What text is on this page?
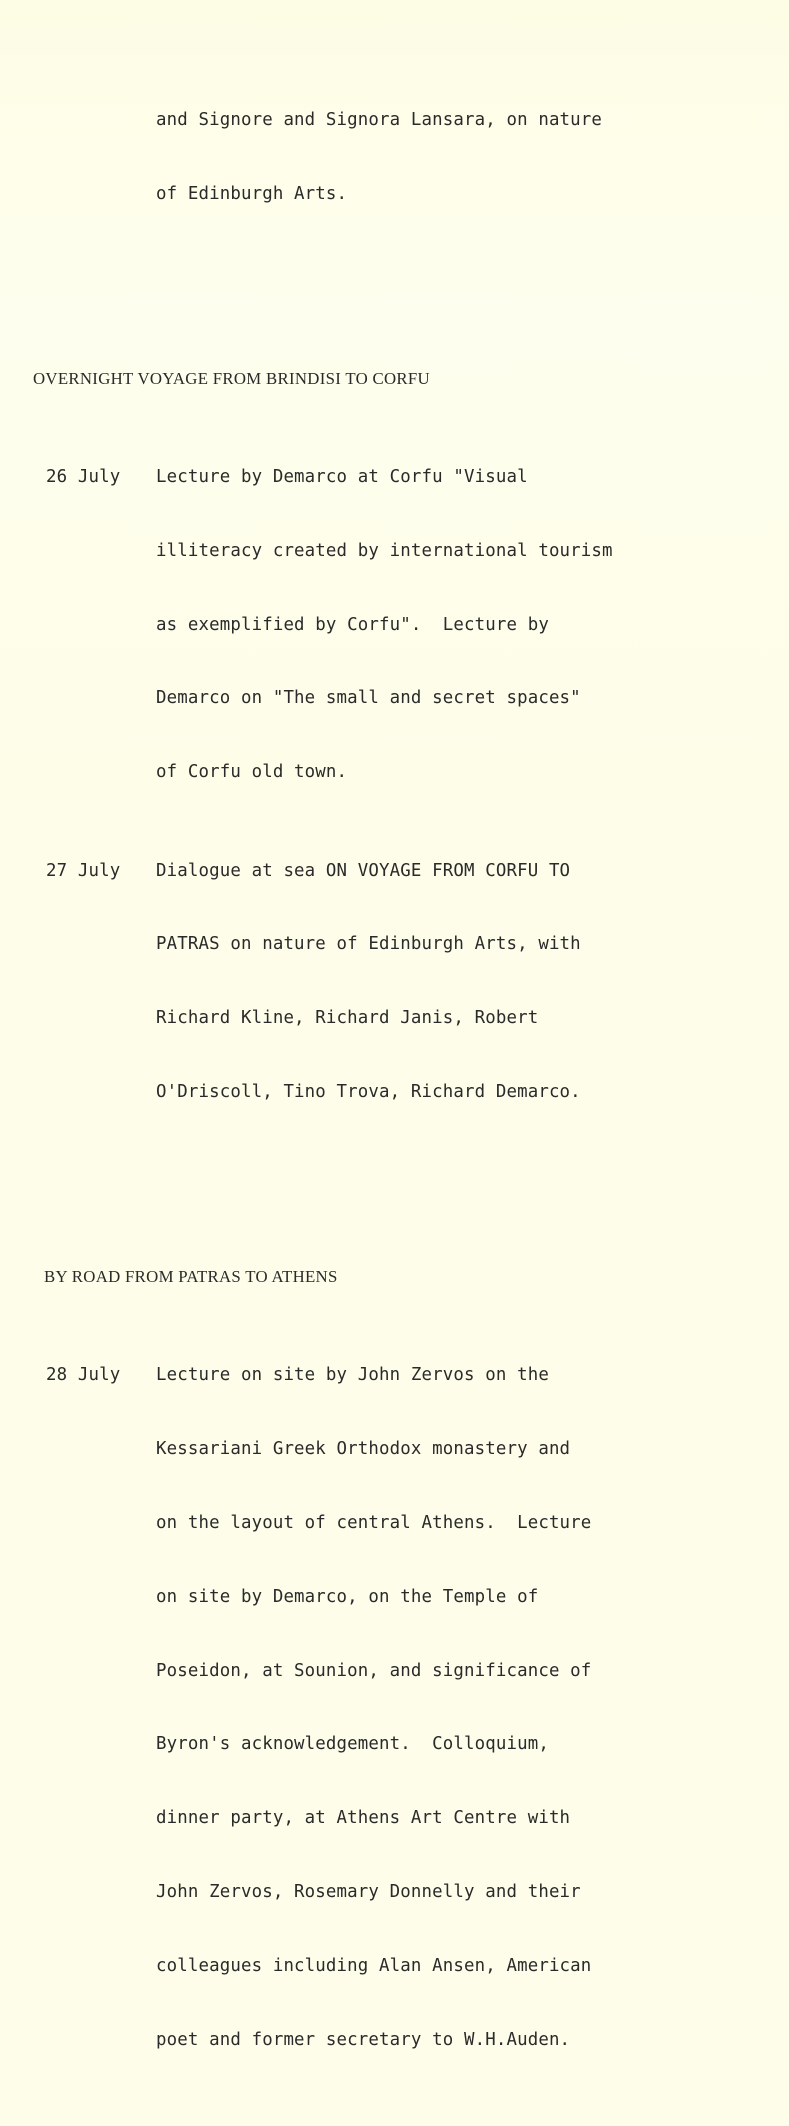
and Signore and Signora Lansara, on nature

of Edinburgh Arts.

OVERNIGHT VOYAGE FROM BRINDISI TO CORFU

26 July

Lecture by Demarco at Corfu "Visual

illiteracy created by international tourism

as exemplified by Corfu".  Lecture by

Demarco on "The small and secret spaces"

of Corfu old town.

27 July

Dialogue at sea ON VOYAGE FROM CORFU TO

PATRAS on nature of Edinburgh Arts, with

Richard Kline, Richard Janis, Robert

O'Driscoll, Tino Trova, Richard Demarco.

BY ROAD FROM PATRAS TO ATHENS

28 July

Lecture on site by John Zervos on the

Kessariani Greek Orthodox monastery and

on the layout of central Athens.  Lecture

on site by Demarco, on the Temple of

Poseidon, at Sounion, and significance of

Byron's acknowledgement.  Colloquium,

dinner party, at Athens Art Centre with

John Zervos, Rosemary Donnelly and their

colleagues including Alan Ansen, American

poet and former secretary to W.H.Auden.
